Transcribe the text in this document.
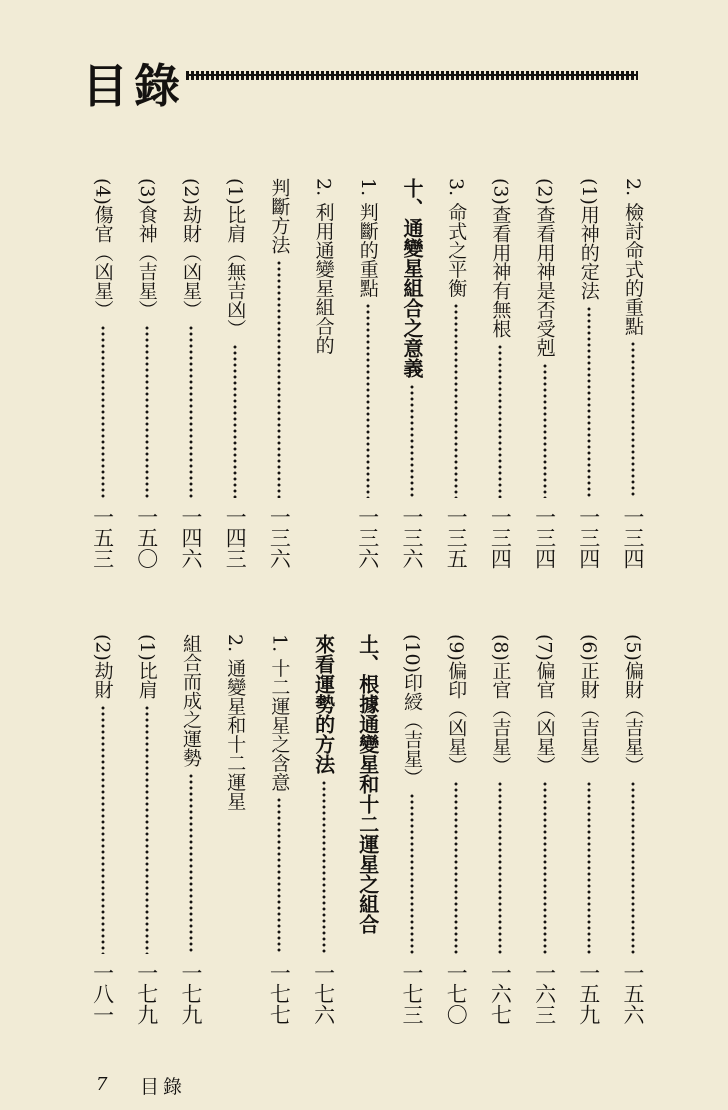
目錄
2. 檢討命式的重點
一三四
(1)用神的定法
一三四
(2)查看用神是否受剋
一三四
(3)查看用神有無根
一三四
3. 命式之平衡
一三五
十、通變星組合之意義
一三六
1. 判斷的重點
一三六
2. 利用通變星組合的
判斷方法
一三六
(1)比肩（無吉凶）
一四三
(2)劫財（凶星）
一四六
(3)食神（吉星）
一五〇
(4)傷官（凶星）
一五三
(5)偏財（吉星）
一五六
(6)正財（吉星）
一五九
(7)偏官（凶星）
一六三
(8)正官（吉星）
一六七
(9)偏印（凶星）
一七〇
(10)印綬（吉星）
一七三
土、根據通變星和十二運星之組合
來看運勢的方法
一七六
1. 十二運星之含意
一七七
2. 通變星和十二運星
組合而成之運勢
一七九
(1)比肩
一七九
(2)劫財
一八一
7 目錄
